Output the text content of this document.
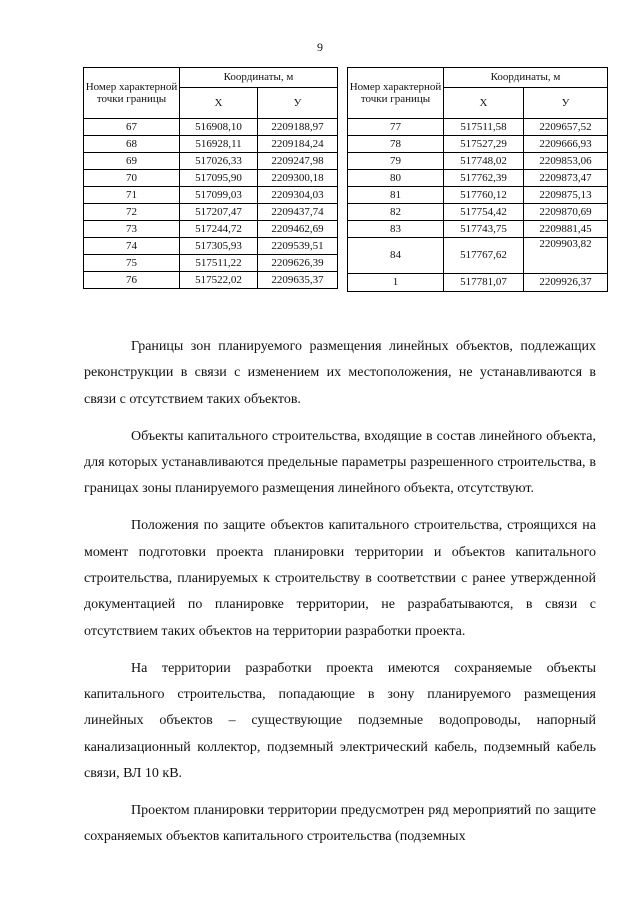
9
Номер характерной точки границы	Координаты, м	
	X	У
67	516908,10	2209188,97
68	516928,11	2209184,24
69	517026,33	2209247,98
70	517095,90	2209300,18
71	517099,03	2209304,03
72	517207,47	2209437,74
73	517244,72	2209462,69
74	517305,93	2209539,51
75	517511,22	2209626,39
76	517522,02	2209635,37
Номер характерной точки границы	Координаты, м	
	X	У
77	517511,58	2209657,52
78	517527,29	2209666,93
79	517748,02	2209853,06
80	517762,39	2209873,47
81	517760,12	2209875,13
82	517754,42	2209870,69
83	517743,75	2209881,45
84	517767,62	2209903,82
1	517781,07	2209926,37

Границы зон планируемого размещения линейных объектов, подлежащих реконструкции в связи с изменением их местоположения, не устанавливаются в связи с отсутствием таких объектов.

Объекты капитального строительства, входящие в состав линейного объекта, для которых устанавливаются предельные параметры разрешенного строительства, в границах зоны планируемого размещения линейного объекта, отсутствуют.

Положения по защите объектов капитального строительства, строящихся на момент подготовки проекта планировки территории и объектов капитального строительства, планируемых к строительству в соответствии с ранее утвержденной документацией по планировке территории, не разрабатываются, в связи с отсутствием таких объектов на территории разработки проекта.

На территории разработки проекта имеются сохраняемые объекты капитального строительства, попадающие в зону планируемого размещения линейных объектов – существующие подземные водопроводы, напорный канализационный коллектор, подземный электрический кабель, подземный кабель связи, ВЛ 10 кВ.

Проектом планировки территории предусмотрен ряд мероприятий по защите сохраняемых объектов капитального строительства (подземных
